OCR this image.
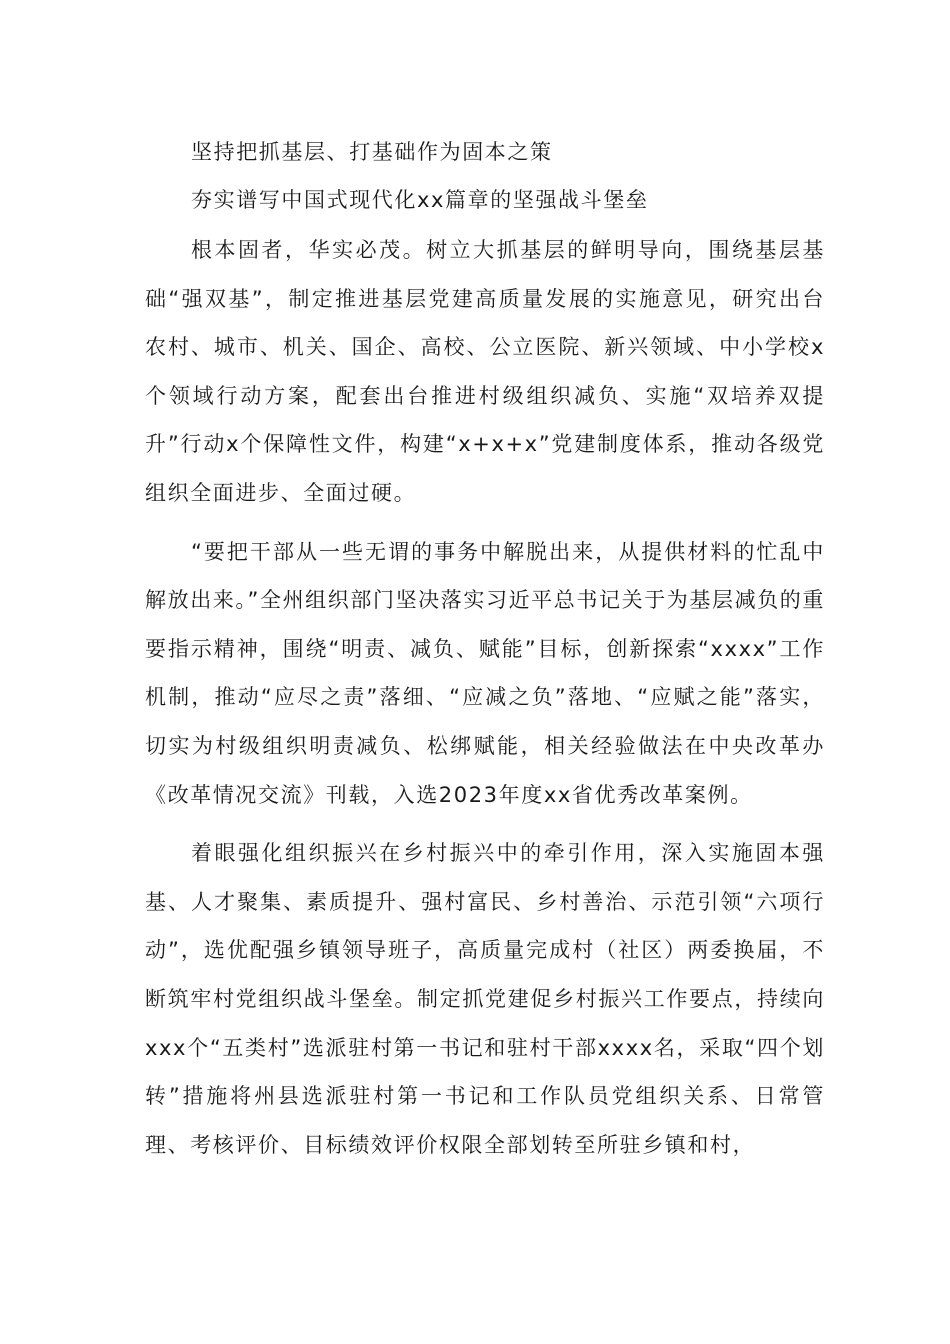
坚持把抓基层、打基础作为固本之策
夯实谱写中国式现代化xx篇章的坚强战斗堡垒

根本固者，华实必茂。树立大抓基层的鲜明导向，围绕基层基础“强双基”，制定推进基层党建高质量发展的实施意见，研究出台农村、城市、机关、国企、高校、公立医院、新兴领域、中小学校x个领域行动方案，配套出台推进村级组织减负、实施“双培养双提升”行动x个保障性文件，构建“x+x+x”党建制度体系，推动各级党组织全面进步、全面过硬。

“要把干部从一些无谓的事务中解脱出来，从提供材料的忙乱中解放出来。”全州组织部门坚决落实习近平总书记关于为基层减负的重要指示精神，围绕“明责、减负、赋能”目标，创新探索“xxxx”工作机制，推动“应尽之责”落细、“应减之负”落地、“应赋之能”落实，切实为村级组织明责减负、松绑赋能，相关经验做法在中央改革办《改革情况交流》刊载，入选2023年度xx省优秀改革案例。

着眼强化组织振兴在乡村振兴中的牵引作用，深入实施固本强基、人才聚集、素质提升、强村富民、乡村善治、示范引领“六项行动”，选优配强乡镇领导班子，高质量完成村（社区）两委换届，不断筑牢村党组织战斗堡垒。制定抓党建促乡村振兴工作要点，持续向xxx个“五类村”选派驻村第一书记和驻村干部xxxx名，采取“四个划转”措施将州县选派驻村第一书记和工作队员党组织关系、日常管理、考核评价、目标绩效评价权限全部划转至所驻乡镇和村，
